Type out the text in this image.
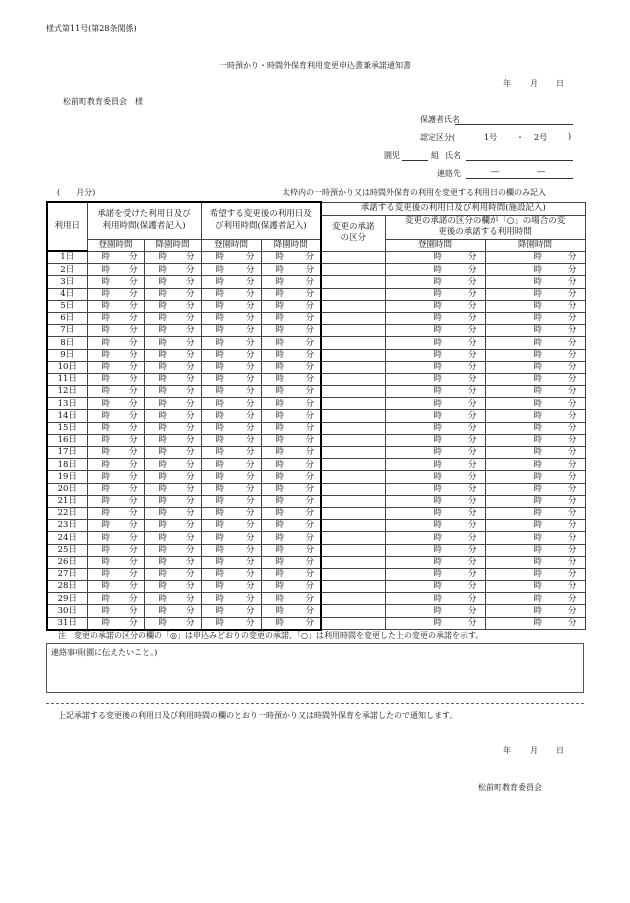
様式第11号(第28条関係)
一時預かり・時間外保育利用変更申込書兼承諾通知書
年 月 日
松前町教育委員会　様
保護者氏名
認定区分(	1号 ・ 2号	)
園児	組 氏名
連絡先	―	―
(　　月分)	太枠内の一時預かり又は時間外保育の利用を変更する利用日の欄のみ記入
利用日	承諾を受けた利用日及び利用時間(保護者記入)		希望する変更後の利用日及び利用時間(保護者記入)		承諾する変更後の利用日及び利用時間(施設記入)		
					変更の承諾の区分	変更の承諾の区分の欄が「○」の場合の変更後の承諾する利用時間	
	登園時間	降園時間	登園時間	降園時間		登園時間	降園時間
1日	時 分	時 分	時 分	時 分		時 分	時 分

2日	時 分	時 分	時 分	時 分		時 分	時 分

3日	時 分	時 分	時 分	時 分		時 分	時 分

4日	時 分	時 分	時 分	時 分		時 分	時 分

5日	時 分	時 分	時 分	時 分		時 分	時 分

6日	時 分	時 分	時 分	時 分		時 分	時 分

7日	時 分	時 分	時 分	時 分		時 分	時 分

8日	時 分	時 分	時 分	時 分		時 分	時 分

9日	時 分	時 分	時 分	時 分		時 分	時 分

10日	時 分	時 分	時 分	時 分		時 分	時 分

11日	時 分	時 分	時 分	時 分		時 分	時 分

12日	時 分	時 分	時 分	時 分		時 分	時 分

13日	時 分	時 分	時 分	時 分		時 分	時 分

14日	時 分	時 分	時 分	時 分		時 分	時 分

15日	時 分	時 分	時 分	時 分		時 分	時 分

16日	時 分	時 分	時 分	時 分		時 分	時 分

17日	時 分	時 分	時 分	時 分		時 分	時 分

18日	時 分	時 分	時 分	時 分		時 分	時 分

19日	時 分	時 分	時 分	時 分		時 分	時 分

20日	時 分	時 分	時 分	時 分		時 分	時 分

21日	時 分	時 分	時 分	時 分		時 分	時 分

22日	時 分	時 分	時 分	時 分		時 分	時 分

23日	時 分	時 分	時 分	時 分		時 分	時 分

24日	時 分	時 分	時 分	時 分		時 分	時 分

25日	時 分	時 分	時 分	時 分		時 分	時 分

26日	時 分	時 分	時 分	時 分		時 分	時 分

27日	時 分	時 分	時 分	時 分		時 分	時 分

28日	時 分	時 分	時 分	時 分		時 分	時 分

29日	時 分	時 分	時 分	時 分		時 分	時 分

30日	時 分	時 分	時 分	時 分		時 分	時 分

31日	時 分	時 分	時 分	時 分		時 分	時 分
注　変更の承諾の区分の欄の「◎」は申込みどおりの変更の承諾、「○」は利用時間を変更した上の変更の承諾を示す。
連絡事項(園に伝えたいこと。)
上記承諾する変更後の利用日及び利用時間の欄のとおり一時預かり又は時間外保育を承諾したので通知します。
年 月 日
松前町教育委員会
